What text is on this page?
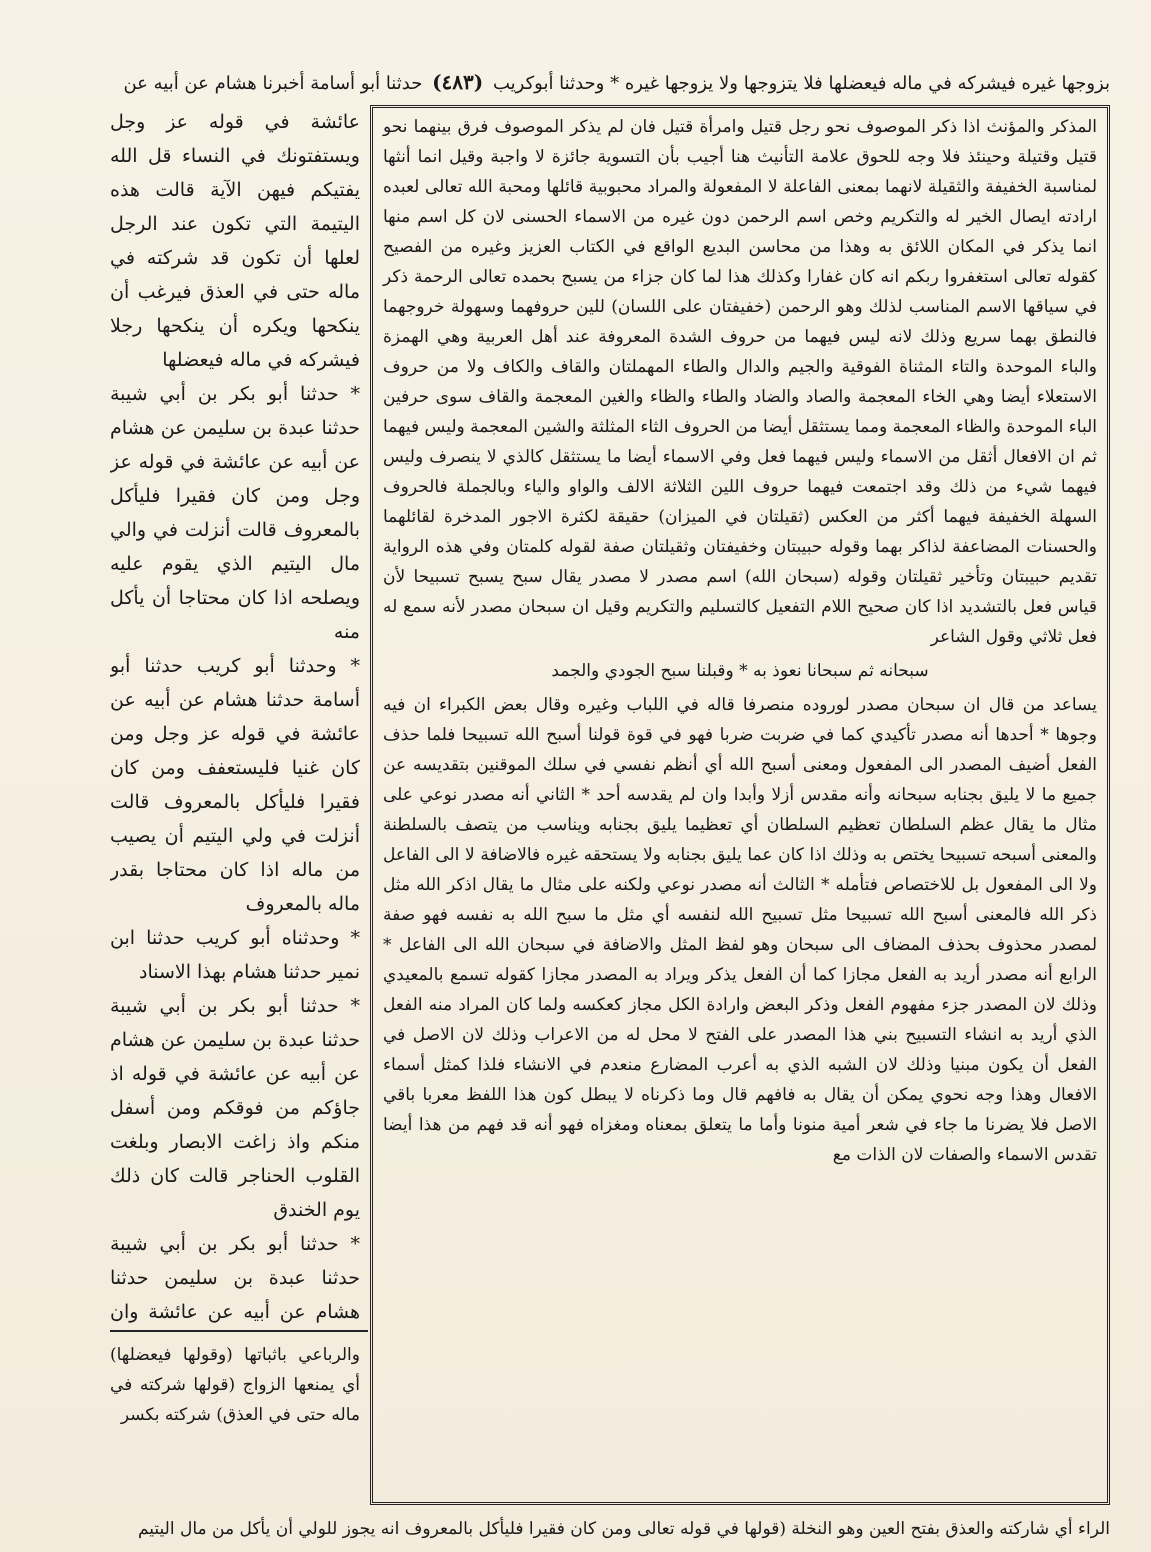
بزوجها غيره فيشركه في ماله فيعضلها فلا يتزوجها ولا يزوجها غيره * وحدثنا أبوكريب (٤٨٣) حدثنا أبو أسامة أخبرنا هشام عن أبيه عن

المذكر والمؤنث اذا ذكر الموصوف نحو رجل قتيل وامرأة قتيل فان لم يذكر الموصوف فرق بينهما نحو قتيل وقتيلة وحينئذ فلا وجه للحوق علامة التأنيث هنا أجيب بأن التسوية جائزة لا واجبة وقيل انما أنثها لمناسبة الخفيفة والثقيلة لانهما بمعنى الفاعلة لا المفعولة والمراد محبوبية قائلها ومحبة الله تعالى لعبده ارادته ايصال الخير له والتكريم وخص اسم الرحمن دون غيره من الاسماء الحسنى لان كل اسم منها انما يذكر في المكان اللائق به وهذا من محاسن البديع الواقع في الكتاب العزيز وغيره من الفصيح كقوله تعالى استغفروا ربكم انه كان غفارا وكذلك هذا لما كان جزاء من يسبح بحمده تعالى الرحمة ذكر في سياقها الاسم المناسب لذلك وهو الرحمن (خفيفتان على اللسان) للين حروفهما وسهولة خروجهما فالنطق بهما سريع وذلك لانه ليس فيهما من حروف الشدة المعروفة عند أهل العربية وهي الهمزة والباء الموحدة والتاء المثناة الفوقية والجيم والدال والطاء المهملتان والقاف والكاف ولا من حروف الاستعلاء أيضا وهي الخاء المعجمة والصاد والضاد والطاء والظاء والغين المعجمة والقاف سوى حرفين الباء الموحدة والظاء المعجمة ومما يستثقل أيضا من الحروف الثاء المثلثة والشين المعجمة وليس فيهما ثم ان الافعال أثقل من الاسماء وليس فيهما فعل وفي الاسماء أيضا ما يستثقل كالذي لا ينصرف وليس فيهما شيء من ذلك وقد اجتمعت فيهما حروف اللين الثلاثة الالف والواو والياء وبالجملة فالحروف السهلة الخفيفة فيهما أكثر من العكس (ثقيلتان في الميزان) حقيقة لكثرة الاجور المدخرة لقائلهما والحسنات المضاعفة لذاكر بهما وقوله حبيبتان وخفيفتان وثقيلتان صفة لقوله كلمتان وفي هذه الرواية تقديم حبيبتان وتأخير ثقيلتان وقوله (سبحان الله) اسم مصدر لا مصدر يقال سبح يسبح تسبيحا لأن قياس فعل بالتشديد اذا كان صحيح اللام التفعيل كالتسليم والتكريم وقيل ان سبحان مصدر لأنه سمع له فعل ثلاثي وقول الشاعر

سبحانه ثم سبحانا نعوذ به * وقبلنا سبح الجودي والجمد

يساعد من قال ان سبحان مصدر لوروده منصرفا قاله في اللباب وغيره وقال بعض الكبراء ان فيه وجوها * أحدها أنه مصدر تأكيدي كما في ضربت ضربا فهو في قوة قولنا أسبح الله تسبيحا فلما حذف الفعل أضيف المصدر الى المفعول ومعنى أسبح الله أي أنظم نفسي في سلك الموقنين بتقديسه عن جميع ما لا يليق بجنابه سبحانه وأنه مقدس أزلا وأبدا وان لم يقدسه أحد * الثاني أنه مصدر نوعي على مثال ما يقال عظم السلطان تعظيم السلطان أي تعظيما يليق بجنابه ويناسب من يتصف بالسلطنة والمعنى أسبحه تسبيحا يختص به وذلك اذا كان عما يليق بجنابه ولا يستحقه غيره فالاضافة لا الى الفاعل ولا الى المفعول بل للاختصاص فتأمله * الثالث أنه مصدر نوعي ولكنه على مثال ما يقال اذكر الله مثل ذكر الله فالمعنى أسبح الله تسبيحا مثل تسبيح الله لنفسه أي مثل ما سبح الله به نفسه فهو صفة لمصدر محذوف بحذف المضاف الى سبحان وهو لفظ المثل والاضافة في سبحان الله الى الفاعل * الرابع أنه مصدر أريد به الفعل مجازا كما أن الفعل يذكر ويراد به المصدر مجازا كقوله تسمع بالمعيدي وذلك لان المصدر جزء مفهوم الفعل وذكر البعض وارادة الكل مجاز كعكسه ولما كان المراد منه الفعل الذي أريد به انشاء التسبيح بني هذا المصدر على الفتح لا محل له من الاعراب وذلك لان الاصل في الفعل أن يكون مبنيا وذلك لان الشبه الذي به أعرب المضارع منعدم في الانشاء فلذا كمثل أسماء الافعال وهذا وجه نحوي يمكن أن يقال به فافهم قال وما ذكرناه لا يبطل كون هذا اللفظ معربا باقي الاصل فلا يضرنا ما جاء في شعر أمية منونا وأما ما يتعلق بمعناه ومغزاه فهو أنه قد فهم من هذا أيضا تقدس الاسماء والصفات لان الذات مع

عائشة في قوله عز وجل ويستفتونك في النساء قل الله يفتيكم فيهن الآية قالت هذه اليتيمة التي تكون عند الرجل لعلها أن تكون قد شركته في ماله حتى في العذق فيرغب أن ينكحها ويكره أن ينكحها رجلا فيشركه في ماله فيعضلها

* حدثنا أبو بكر بن أبي شيبة حدثنا عبدة بن سليمن عن هشام عن أبيه عن عائشة في قوله عز وجل ومن كان فقيرا فليأكل بالمعروف قالت أنزلت في والي مال اليتيم الذي يقوم عليه ويصلحه اذا كان محتاجا أن يأكل منه

* وحدثنا أبو كريب حدثنا أبو أسامة حدثنا هشام عن أبيه عن عائشة في قوله عز وجل ومن كان غنيا فليستعفف ومن كان فقيرا فليأكل بالمعروف قالت أنزلت في ولي اليتيم أن يصيب من ماله اذا كان محتاجا بقدر ماله بالمعروف

* وحدثناه أبو كريب حدثنا ابن نمير حدثنا هشام بهذا الاسناد

* حدثنا أبو بكر بن أبي شيبة حدثنا عبدة بن سليمن عن هشام عن أبيه عن عائشة في قوله اذ جاؤكم من فوقكم ومن أسفل منكم واذ زاغت الابصار وبلغت القلوب الحناجر قالت كان ذلك يوم الخندق

* حدثنا أبو بكر بن أبي شيبة حدثنا عبدة بن سليمن حدثنا هشام عن أبيه عن عائشة وان

والرباعي باثباتها (وقولها فيعضلها) أي يمنعها الزواج (قولها شركته في ماله حتى في العذق) شركته بكسر

الراء أي شاركته والعذق بفتح العين وهو النخلة (قولها في قوله تعالى ومن كان فقيرا فليأكل بالمعروف انه يجوز للولي أن يأكل من مال اليتيم
